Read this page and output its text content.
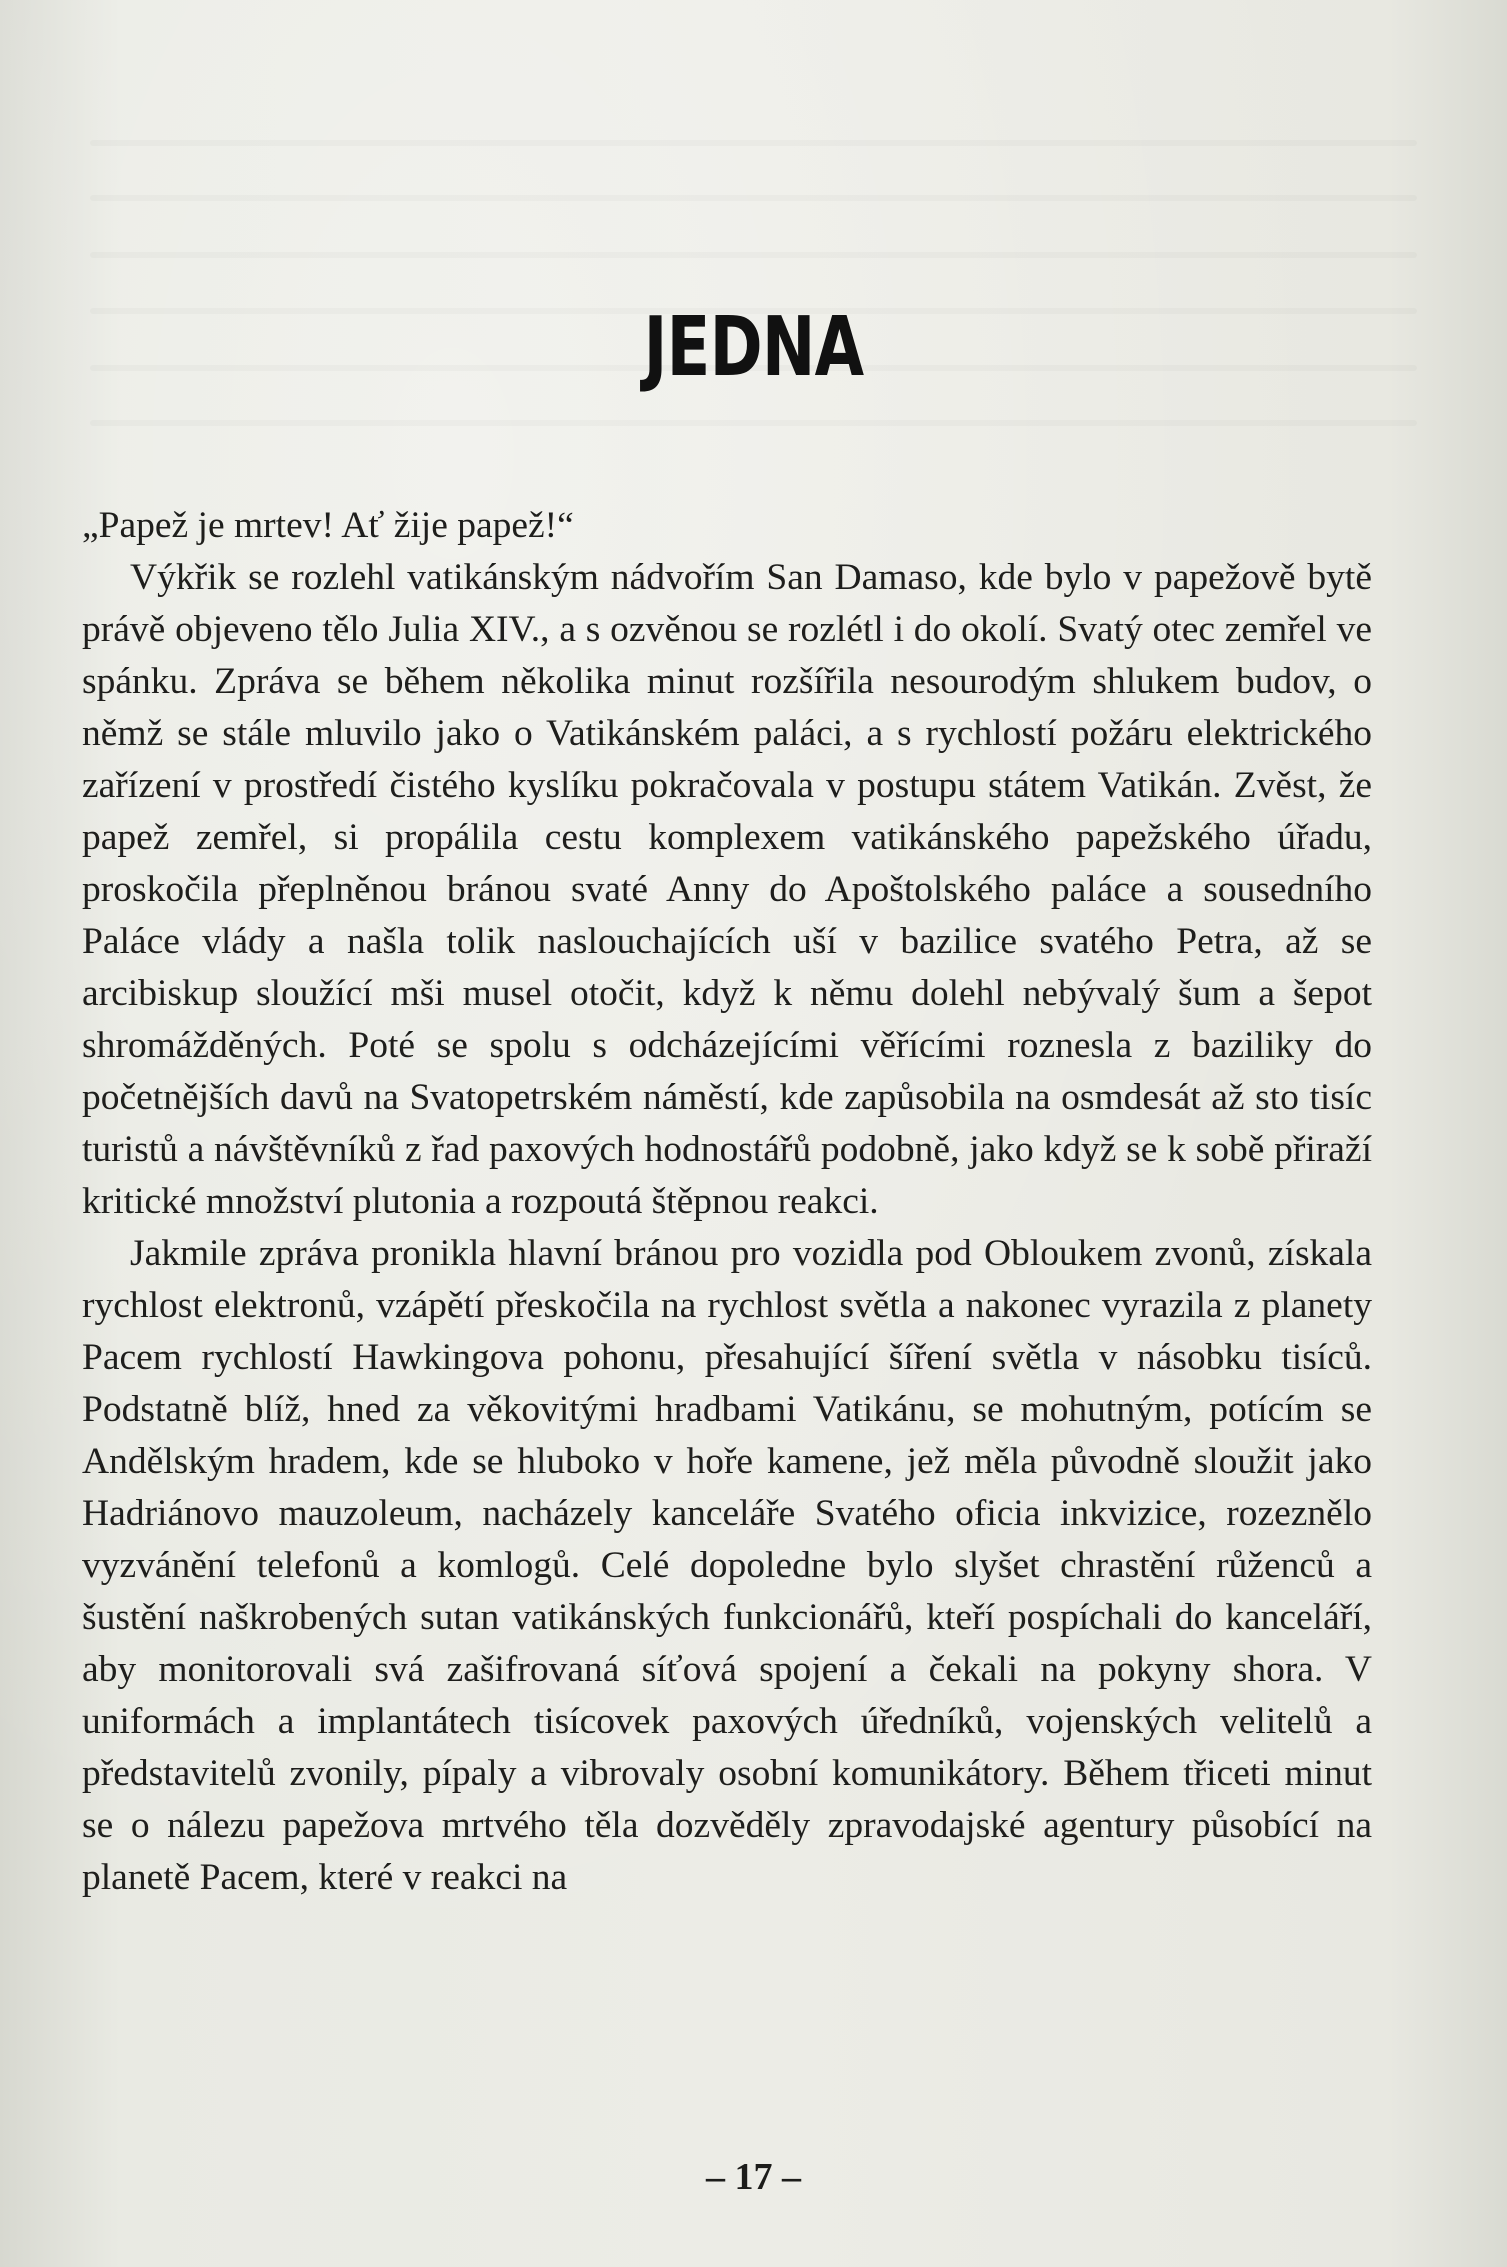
JEDNA

„Papež je mrtev! Ať žije papež!“

Výkřik se rozlehl vatikánským nádvořím San Damaso, kde bylo v papežově bytě právě objeveno tělo Julia XIV., a s ozvěnou se rozlétl i do okolí. Svatý otec zemřel ve spánku. Zpráva se během několika minut rozšířila nesourodým shlukem budov, o němž se stále mluvilo jako o Vatikánském paláci, a s rychlostí požáru elektrického zařízení v prostředí čistého kyslíku pokračovala v postupu státem Vatikán. Zvěst, že papež zemřel, si propálila cestu komplexem vatikánského papežského úřadu, proskočila přeplněnou bránou svaté Anny do Apoštolského paláce a sousedního Paláce vlády a našla tolik naslouchajících uší v bazilice svatého Petra, až se arcibiskup sloužící mši musel otočit, když k němu dolehl nebývalý šum a šepot shromážděných. Poté se spolu s odcházejícími věřícími roznesla z baziliky do početnějších davů na Svatopetrském náměstí, kde zapůsobila na osmdesát až sto tisíc turistů a návštěvníků z řad paxových hodnostářů podobně, jako když se k sobě přiraží kritické množství plutonia a rozpoutá štěpnou reakci.

Jakmile zpráva pronikla hlavní bránou pro vozidla pod Obloukem zvonů, získala rychlost elektronů, vzápětí přeskočila na rychlost světla a nakonec vyrazila z planety Pacem rychlostí Hawkingova pohonu, přesahující šíření světla v násobku tisíců. Podstatně blíž, hned za věkovitými hradbami Vatikánu, se mohutným, potícím se Andělským hradem, kde se hluboko v hoře kamene, jež měla původně sloužit jako Hadriánovo mauzoleum, nacházely kanceláře Svatého oficia inkvizice, rozeznělo vyzvánění telefonů a komlogů. Celé dopoledne bylo slyšet chrastění růženců a šustění naškrobených sutan vatikánských funkcionářů, kteří pospíchali do kanceláří, aby monitorovali svá zašifrovaná síťová spojení a čekali na pokyny shora. V uniformách a implantátech tisícovek paxových úředníků, vojenských velitelů a představitelů zvonily, pípaly a vibrovaly osobní komunikátory. Během třiceti minut se o nálezu papežova mrtvého těla dozvěděly zpravodajské agentury působící na planetě Pacem, které v reakci na

– 17 –
